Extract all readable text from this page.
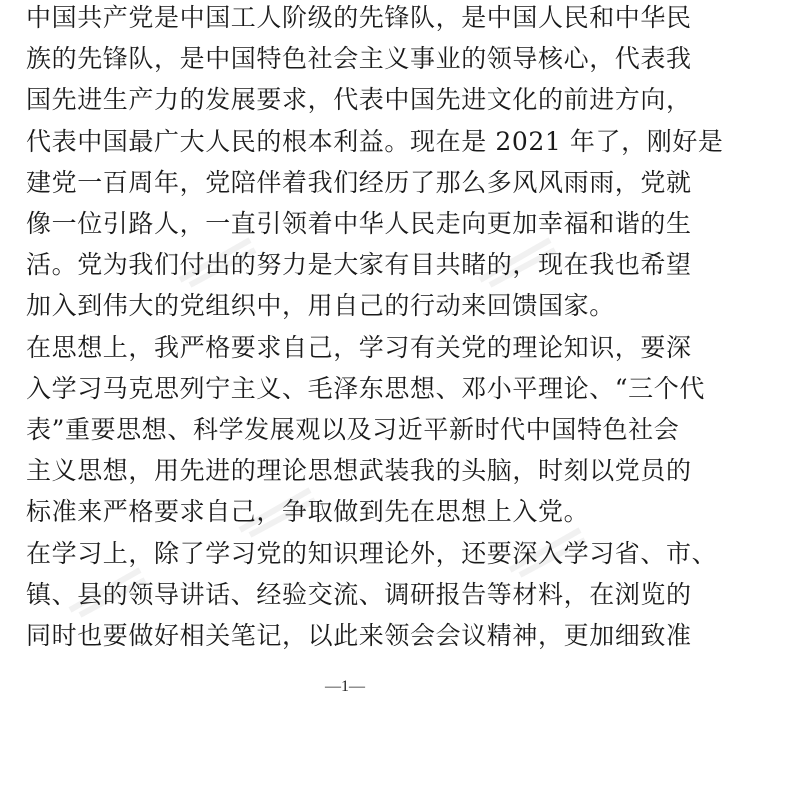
中国共产党是中国工人阶级的先锋队，是中国人民和中华民
族的先锋队，是中国特色社会主义事业的领导核心，代表我
国先进生产力的发展要求，代表中国先进文化的前进方向，
代表中国最广大人民的根本利益。现在是 2021 年了，刚好是
建党一百周年，党陪伴着我们经历了那么多风风雨雨，党就
像一位引路人，一直引领着中华人民走向更加幸福和谐的生
活。党为我们付出的努力是大家有目共睹的，现在我也希望
加入到伟大的党组织中，用自己的行动来回馈国家。
在思想上，我严格要求自己，学习有关党的理论知识，要深
入学习马克思列宁主义、毛泽东思想、邓小平理论、“三个代
表”重要思想、科学发展观以及习近平新时代中国特色社会
主义思想，用先进的理论思想武装我的头脑，时刻以党员的
标准来严格要求自己，争取做到先在思想上入党。
在学习上，除了学习党的知识理论外，还要深入学习省、市、
镇、县的领导讲话、经验交流、调研报告等材料，在浏览的
同时也要做好相关笔记，以此来领会会议精神，更加细致准
—1—
